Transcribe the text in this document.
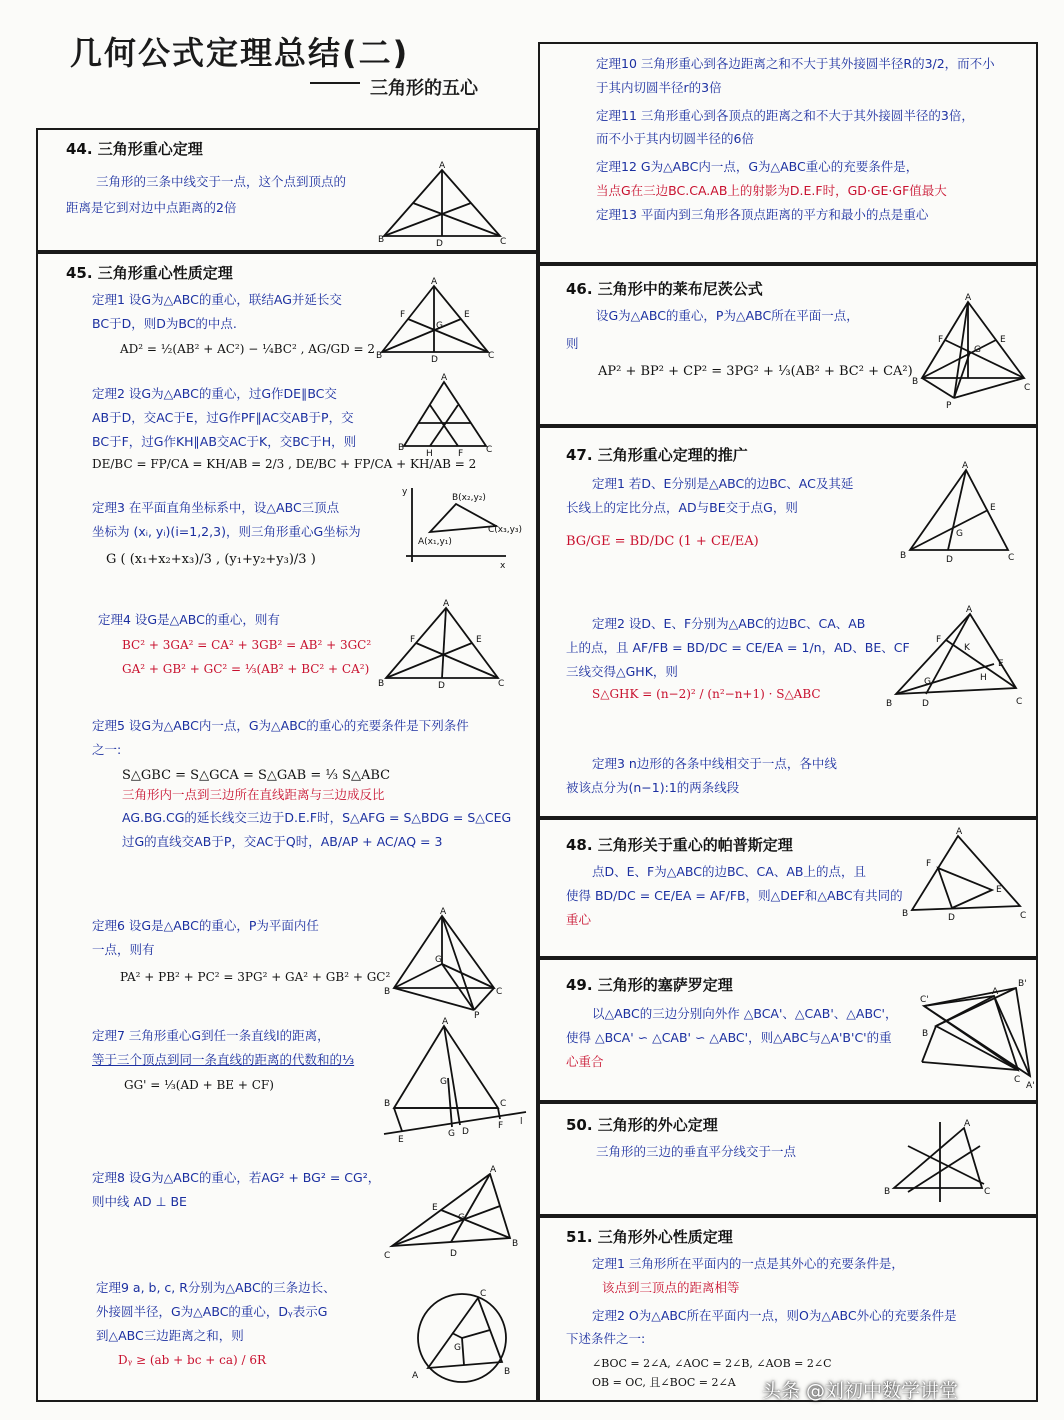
几何公式定理总结(二)
三角形的五心
44. 三角形重心定理
三角形的三条中线交于一点，这个点到顶点的
距离是它到对边中点距离的2倍
A
B	C
D
45. 三角形重心性质定理
定理1 设G为△ABC的重心，联结AG并延长交
BC于D，则D为BC的中点.
AD² = ½(AB² + AC²) − ¼BC² , AG/GD = 2
A
B	C
D
F	E
G
定理2 设G为△ABC的重心，过G作DE∥BC交
AB于D，交AC于E，过G作PF∥AC交AB于P，交
BC于F，过G作KH∥AB交AC于K，交BC于H，则
DE/BC = FP/CA = KH/AB = 2/3 , DE/BC + FP/CA + KH/AB = 2
A
B	C
H	F
定理3 在平面直角坐标系中，设△ABC三顶点
坐标为 (xᵢ, yᵢ)(i=1,2,3)，则三角形重心G坐标为
G ( (x₁+x₂+x₃)/3 , (y₁+y₂+y₃)/3 )
y
x
B(x₂,y₂)
C(x₃,y₃)
A(x₁,y₁)
定理4 设G是△ABC的重心，则有
BC² + 3GA² = CA² + 3GB² = AB² + 3GC²
GA² + GB² + GC² = ⅓(AB² + BC² + CA²)
A
B	C
D
F	E
定理5 设G为△ABC内一点，G为△ABC的重心的充要条件是下列条件
之一:
S△GBC = S△GCA = S△GAB = ⅓ S△ABC
三角形内一点到三边所在直线距离与三边成反比
AG.BG.CG的延长线交三边于D.E.F时，S△AFG = S△BDG = S△CEG
过G的直线交AB于P，交AC于Q时，AB/AP + AC/AQ = 3
定理6 设G是△ABC的重心，P为平面内任
一点，则有
PA² + PB² + PC² = 3PG² + GA² + GB² + GC²
A
B	C
G
P
定理7 三角形重心G到任一条直线l的距离，
等于三个顶点到同一条直线的距离的代数和的⅓
GG' = ⅓(AD + BE + CF)
A
B	C
G
E
G D
F l
定理8 设G为△ABC的重心，若AG² + BG² = CG²，
则中线 AD ⊥ BE
A
C
B
D
E
G
定理9 a, b, c, R分别为△ABC的三条边长、
外接圆半径，G为△ABC的重心，Dᵧ表示G
到△ABC三边距离之和，则
Dᵧ ≥ (ab + bc + ca) / 6R
C
A	B
G
定理10 三角形重心到各边距离之和不大于其外接圆半径R的3/2，而不小
于其内切圆半径r的3倍
定理11 三角形重心到各顶点的距离之和不大于其外接圆半径的3倍，
而不小于其内切圆半径的6倍
定理12 G为△ABC内一点，G为△ABC重心的充要条件是，
当点G在三边BC.CA.AB上的射影为D.E.F时，GD·GE·GF值最大
定理13 平面内到三角形各顶点距离的平方和最小的点是重心
46. 三角形中的莱布尼茨公式
设G为△ABC的重心，P为△ABC所在平面一点，
则
AP² + BP² + CP² = 3PG² + ⅓(AB² + BC² + CA²)
A
B
C
F	E
G
P
47. 三角形重心定理的推广
定理1 若D、E分别是△ABC的边BC、AC及其延
长线上的定比分点，AD与BE交于点G，则
BG/GE = BD/DC (1 + CE/EA)
A
B	C
D
E
G
定理2 设D、E、F分别为△ABC的边BC、CA、AB
上的点，且 AF/FB = BD/DC = CE/EA = 1/n，AD、BE、CF
三线交得△GHK，则
S△GHK = (n−2)² / (n²−n+1) · S△ABC
A
B	C
D
E
F
K
G	H
定理3 n边形的各条中线相交于一点，各中线
被该点分为(n−1):1的两条线段
48. 三角形关于重心的帕普斯定理
点D、E、F为△ABC的边BC、CA、AB上的点，且
使得 BD/DC = CE/EA = AF/FB，则△DEF和△ABC有共同的
重心
A
B	C
D
E
F
49. 三角形的塞萨罗定理
以△ABC的三边分别向外作 △BCA'、△CAB'、△ABC'，
使得 △BCA' ∽ △CAB' ∽ △ABC'，则△ABC与△A'B'C'的重
心重合
C'
A
B'
A'
B
C
50. 三角形的外心定理
三角形的三边的垂直平分线交于一点
A
B	C
51. 三角形外心性质定理
定理1 三角形所在平面内的一点是其外心的充要条件是，
该点到三顶点的距离相等
定理2 O为△ABC所在平面内一点，则O为△ABC外心的充要条件是
下述条件之一:
∠BOC = 2∠A, ∠AOC = 2∠B, ∠AOB = 2∠C
OB = OC, 且∠BOC = 2∠A	头条 @刘初中数学讲堂
